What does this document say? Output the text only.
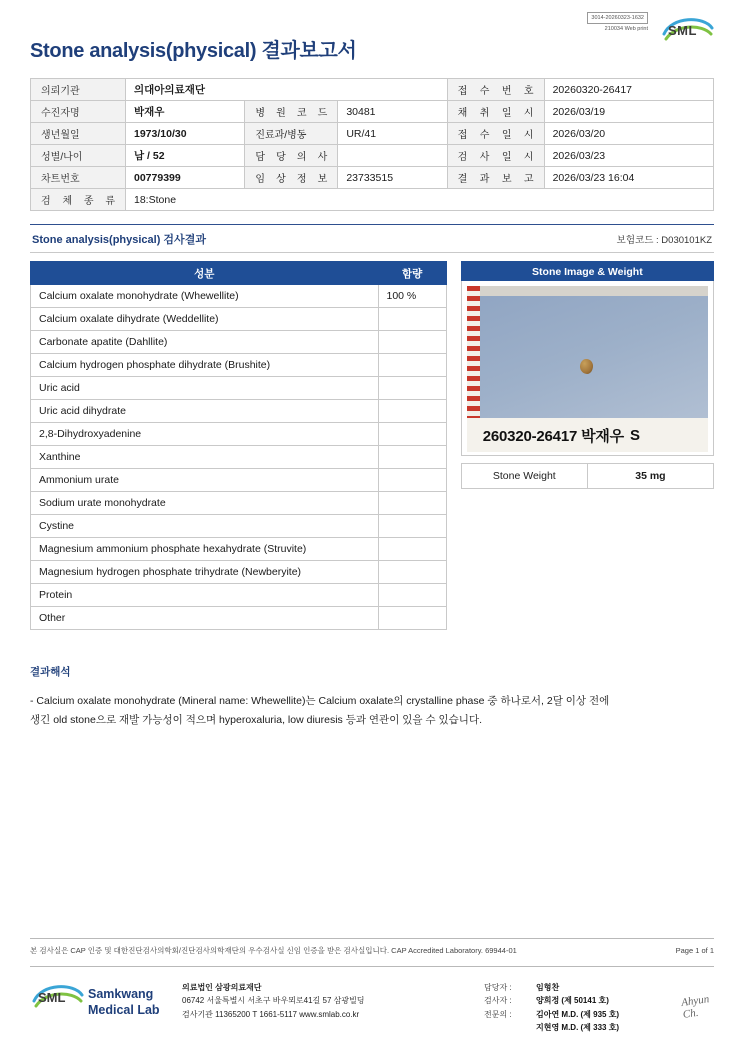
3014-20260323-1632
210034 Web print SML
Stone analysis(physical) 결과보고서
의뢰기관	의대아의료재단			접 수 번 호	20260320-26417
수진자명	박재우	병 원 코 드	30481	채 취 일 시	2026/03/19
생년월일	1973/10/30	진료과/병동	UR/41	접 수 일 시	2026/03/20
성별/나이	남 / 52	담 당 의 사		검 사 일 시	2026/03/23
차트번호	00779399	임 상 정 보	23733515	결 과 보 고	2026/03/23 16:04
검 체 종 류	18:Stone				
Stone analysis(physical) 검사결과	보험코드 : D030101KZ
성분	함량
Calcium oxalate monohydrate (Whewellite)	100 %
Calcium oxalate dihydrate (Weddellite)	
Carbonate apatite (Dahllite)	
Calcium hydrogen phosphate dihydrate (Brushite)	
Uric acid	
Uric acid dihydrate	
2,8-Dihydroxyadenine	
Xanthine	
Ammonium urate	
Sodium urate monohydrate	
Cystine	
Magnesium ammonium phosphate hexahydrate (Struvite)	
Magnesium hydrogen phosphate trihydrate (Newberyite)	
Protein	
Other	
Stone Image & Weight
260320-26417 박재우 S
Stone Weight	35 mg
결과해석
- Calcium oxalate monohydrate (Mineral name: Whewellite)는 Calcium oxalate의 crystalline phase 중 하나로서, 2달 이상 전에 생긴 old stone으로 재발 가능성이 적으며 hyperoxaluria, low diuresis 등과 연관이 있을 수 있습니다.
본 검사실은 CAP 인증 및 대한진단검사의학회/진단검사의학재단의 우수검사실 신임 인증을 받은 검사실입니다. CAP Accredited Laboratory. 69944-01	Page 1 of 1
SML Samkwang
Medical Lab
의료법인 삼광의료재단
06742 서울특별시 서초구 바우뫼로41길 57 삼광빌딩
검사기관 11365200 T 1661-5117 www.smlab.co.kr
담당자 :	임형찬
검사자 :	양희정 (제 50141 호)
전문의 :	김아연 M.D. (제 935 호)
지현영 M.D. (제 333 호)
Ahyun
Ch.
